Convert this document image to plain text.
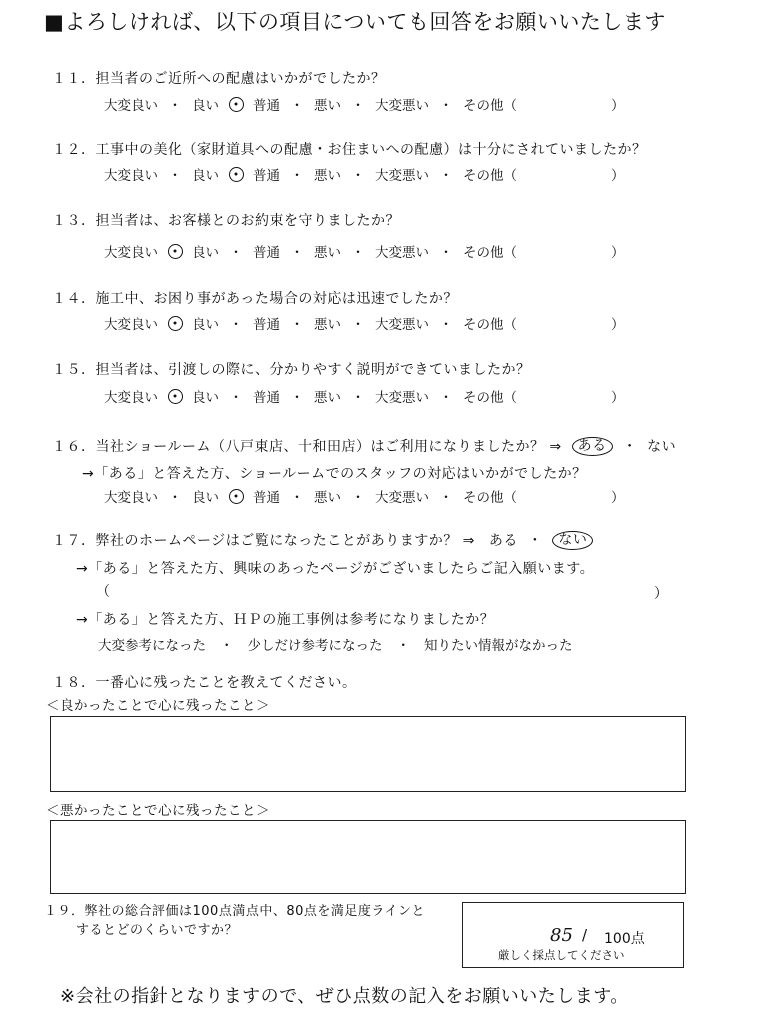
■よろしければ、以下の項目についても回答をお願いいたします
１１．担当者のご近所への配慮はいかがでしたか？
大変良い ・ 良い	普通 ・ 悪い ・ 大変悪い ・ その他（	）
１２．工事中の美化（家財道具への配慮・お住まいへの配慮）は十分にされていましたか？
大変良い ・ 良い	普通 ・ 悪い ・ 大変悪い ・ その他（	）
１３．担当者は、お客様とのお約束を守りましたか？
大変良い	良い ・ 普通 ・ 悪い ・ 大変悪い ・ その他（	）
１４．施工中、お困り事があった場合の対応は迅速でしたか？
大変良い	良い ・ 普通 ・ 悪い ・ 大変悪い ・ その他（	）
１５．担当者は、引渡しの際に、分かりやすく説明ができていましたか？
大変良い	良い ・ 普通 ・ 悪い ・ 大変悪い ・ その他（	）
１６．当社ショールーム（八戸東店、十和田店）はご利用になりましたか？ ⇒	ある	・ ない
→「ある」と答えた方、ショールームでのスタッフの対応はいかがでしたか？
大変良い ・ 良い	普通 ・ 悪い ・ 大変悪い ・ その他（	）
１７．弊社のホームページはご覧になったことがありますか？ ⇒ ある ・	ない
→「ある」と答えた方、興味のあったページがございましたらご記入願います。
（	）
→「ある」と答えた方、ＨＰの施工事例は参考になりましたか？
大変参考になった ・ 少しだけ参考になった ・ 知りたい情報がなかった
１８．一番心に残ったことを教えてください。
＜良かったことで心に残ったこと＞
＜悪かったことで心に残ったこと＞
１９．弊社の総合評価は100点満点中、80点を満足度ラインと
するとどのくらいですか？	85 / 100点
厳しく採点してください
※会社の指針となりますので、ぜひ点数の記入をお願いいたします。
